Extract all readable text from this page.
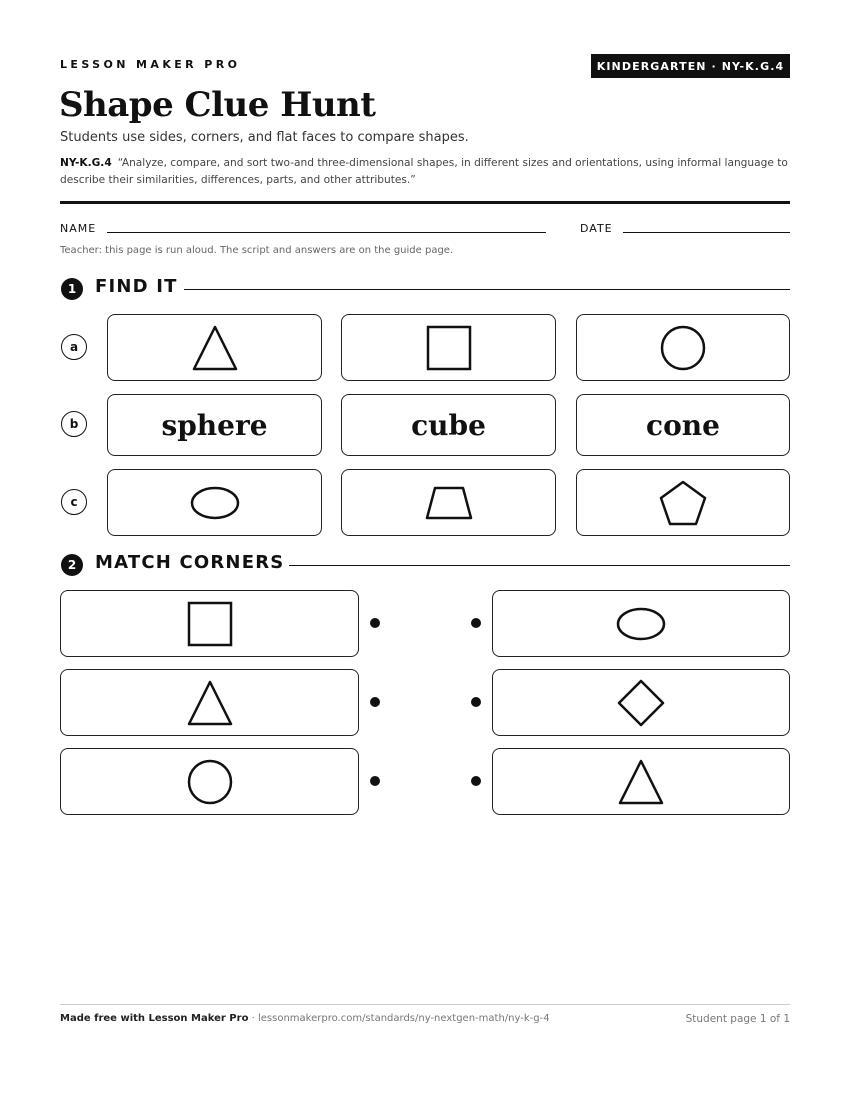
LESSON MAKER PRO	KINDERGARTEN · NY-K.G.4
Shape Clue Hunt
Students use sides, corners, and flat faces to compare shapes.
NY-K.G.4 “Analyze, compare, and sort two-and three-dimensional shapes, in different sizes and orientations, using informal language to describe their similarities, differences, parts, and other attributes.”
NAME	DATE
Teacher: this page is run aloud. The script and answers are on the guide page.
1	FIND IT
a
b	sphere	cube	cone
c
2	MATCH CORNERS
Made free with Lesson Maker Pro · lessonmakerpro.com/standards/ny-nextgen-math/ny-k-g-4	Student page 1 of 1
